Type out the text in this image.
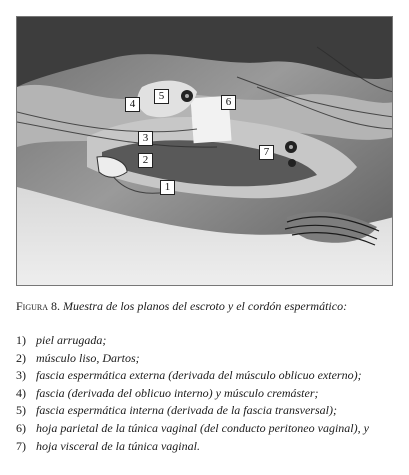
1
2
3
4
5	6
7
Figura 8. Muestra de los planos del escroto y el cordón espermático:
1) piel arrugada;
2) músculo liso, Dartos;
3) fascia espermática externa (derivada del músculo oblicuo externo);
4) fascia (derivada del oblicuo interno) y músculo cremáster;
5) fascia espermática interna (derivada de la fascia transversal);
6) hoja parietal de la túnica vaginal (del conducto peritoneo vaginal), y
7) hoja visceral de la túnica vaginal.
